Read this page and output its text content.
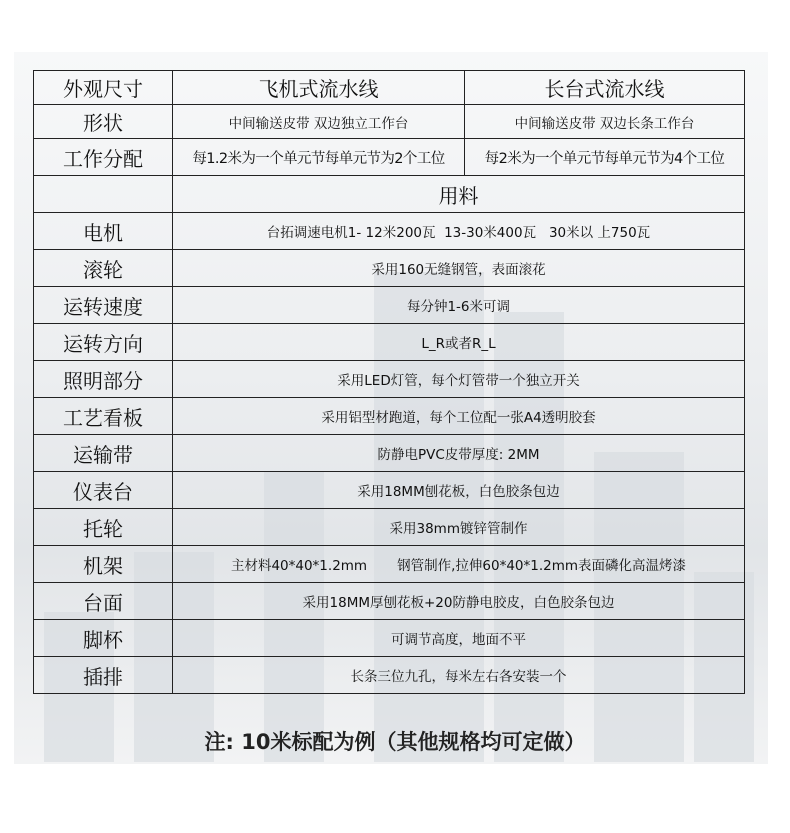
外观尺寸	飞机式流水线	长台式流水线
形状	中间输送皮带 双边独立工作台	中间输送皮带 双边长条工作台
工作分配	每1.2米为一个单元节每单元节为2个工位	每2米为一个单元节每单元节为4个工位
	用料	
电机	台拓调速电机1- 12米200瓦  13-30米400瓦   30米以 上750瓦	
滚轮	采用160无缝钢管，表面滚花	
运转速度	每分钟1-6米可调	
运转方向	L_R或者R_L	
照明部分	采用LED灯管，每个灯管带一个独立开关	
工艺看板	采用铝型材跑道，每个工位配一张A4透明胶套	
运输带	防静电PVC皮带厚度: 2MM	
仪表台	采用18MM刨花板，白色胶条包边	
托轮	采用38mm镀锌管制作	
机架	主材料40*40*1.2mm       钢管制作,拉伸60*40*1.2mm表面磷化高温烤漆	
台面	采用18MM厚刨花板+20防静电胶皮，白色胶条包边	
脚杯	可调节高度，地面不平	
插排	长条三位九孔，每米左右各安装一个	
注: 10米标配为例（其他规格均可定做）
